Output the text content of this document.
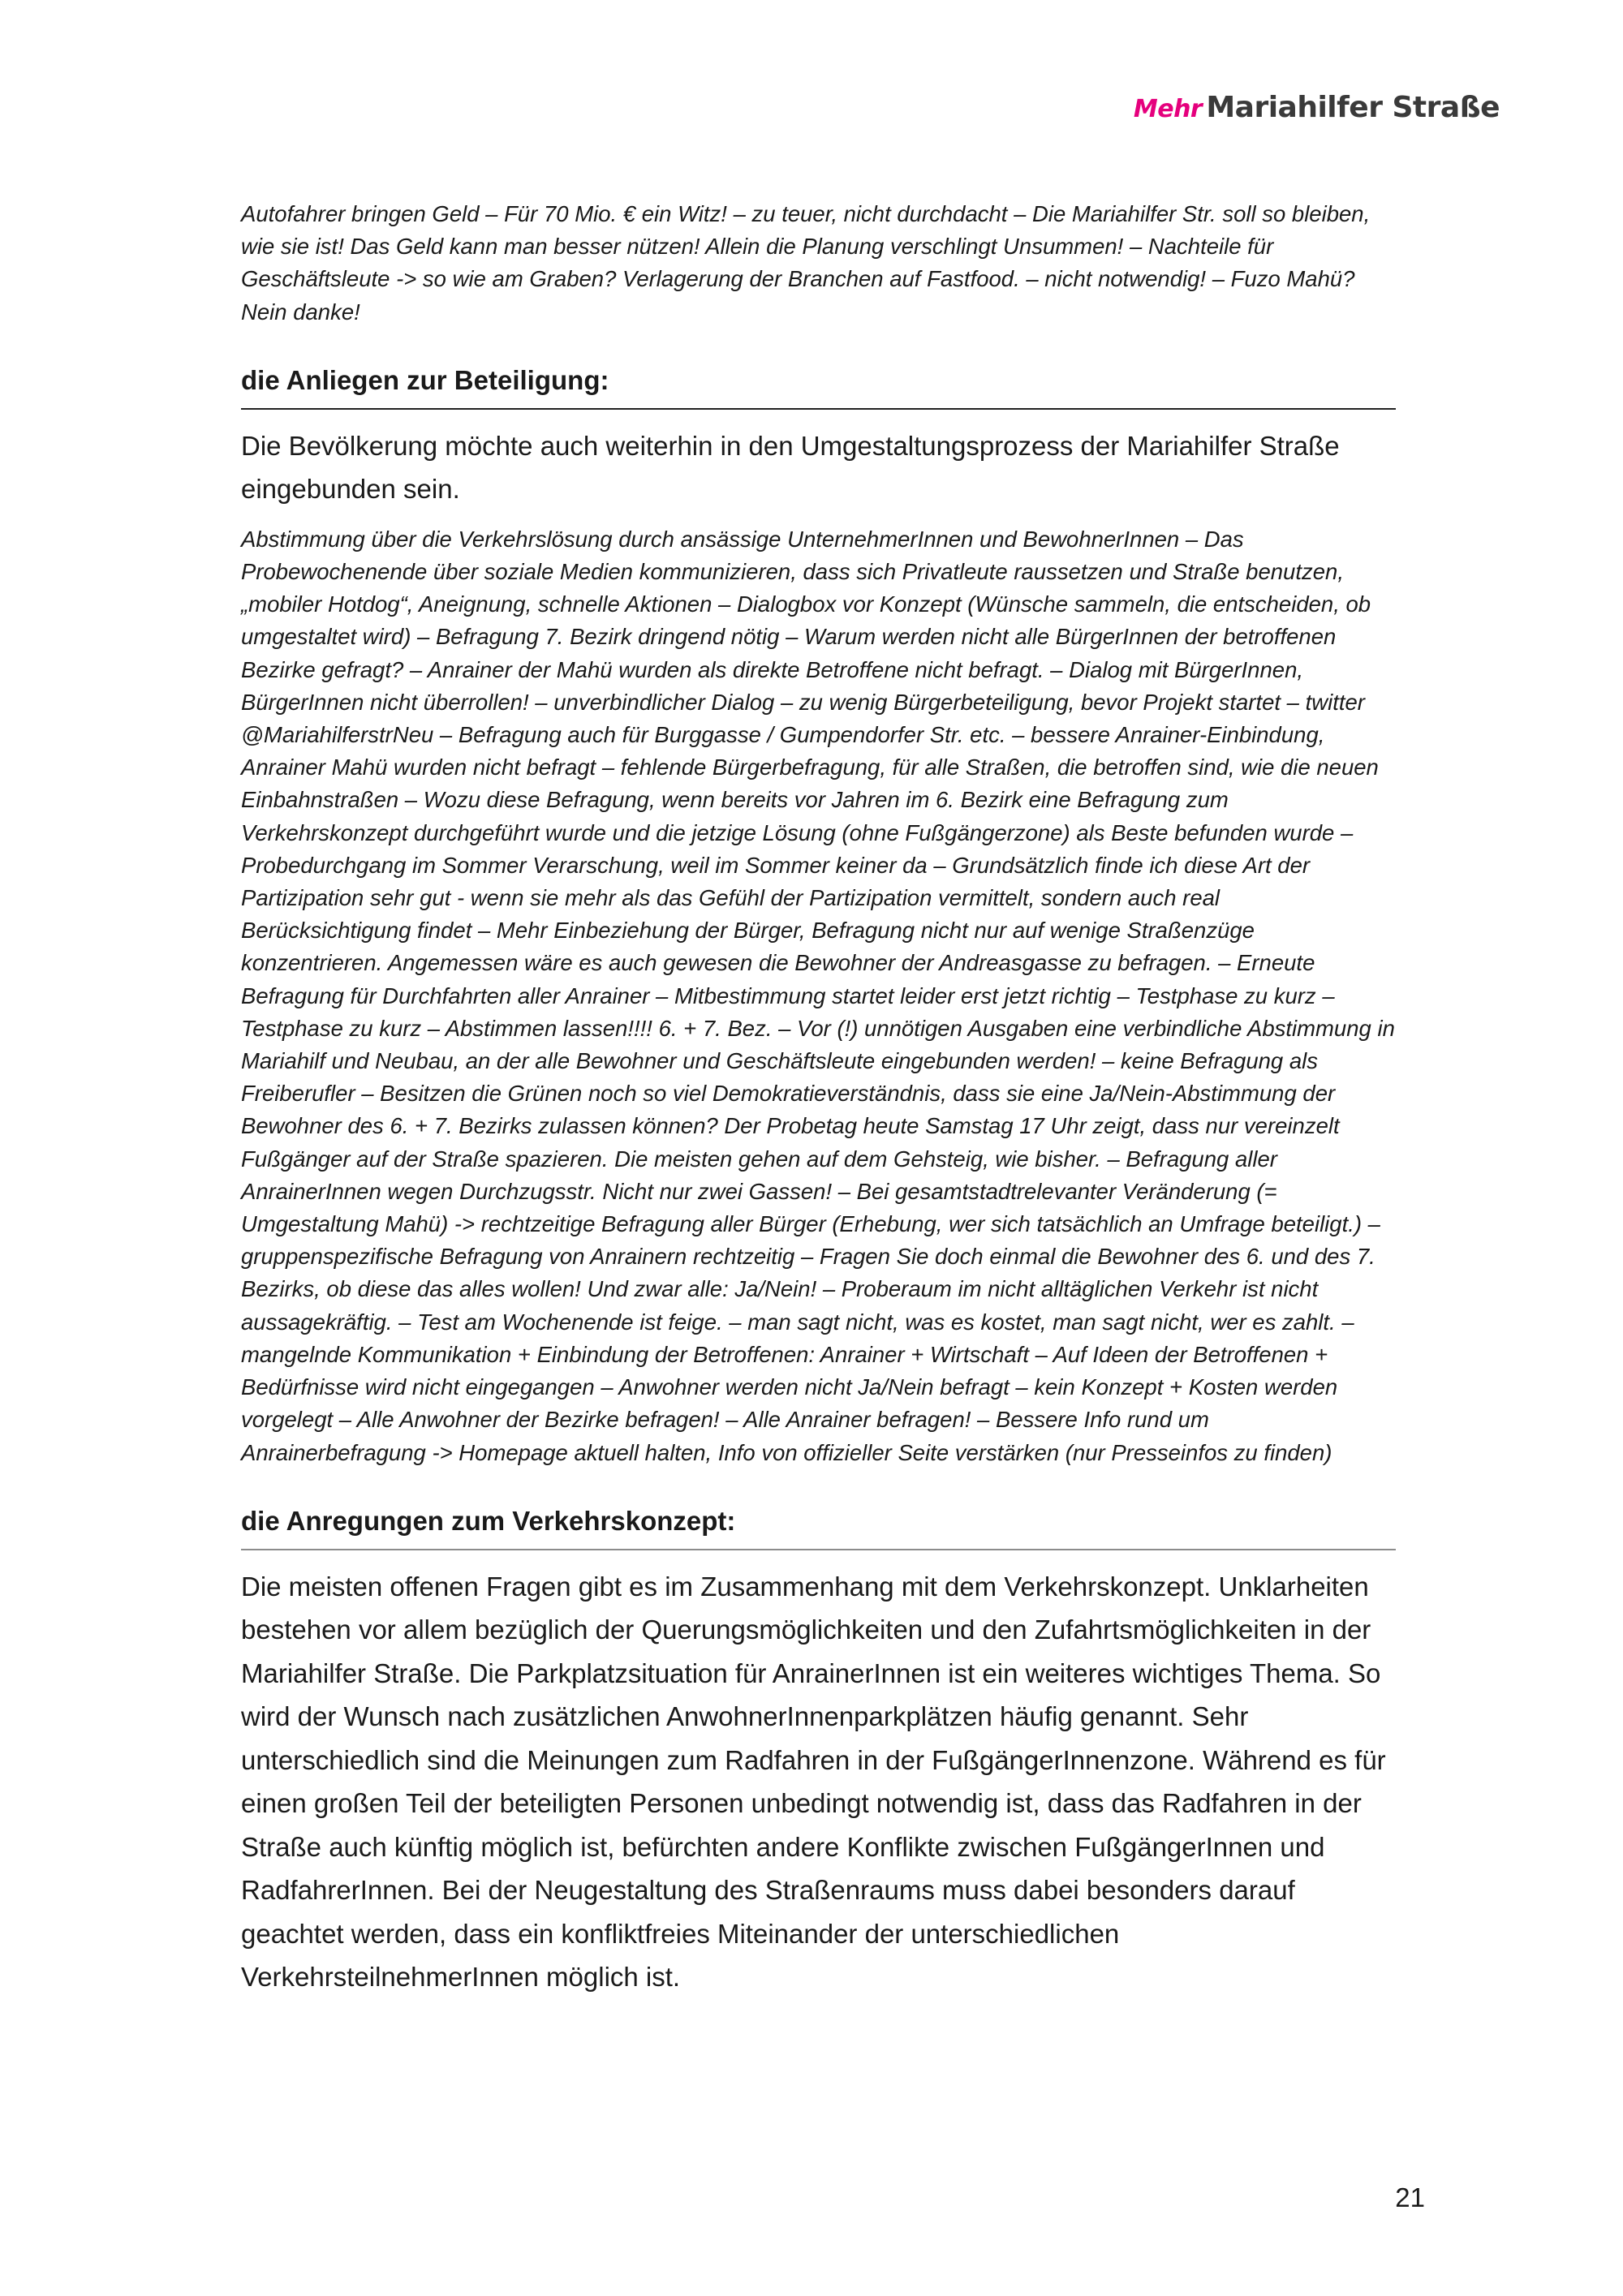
Mehr Mariahilfer Straße

Autofahrer bringen Geld – Für 70 Mio. € ein Witz! – zu teuer, nicht durchdacht – Die Mariahilfer Str. soll so bleiben, wie sie ist! Das Geld kann man besser nützen! Allein die Planung verschlingt Unsummen! – Nachteile für Geschäftsleute -> so wie am Graben? Verlagerung der Branchen auf Fastfood. – nicht notwendig! – Fuzo Mahü? Nein danke!

die Anliegen zur Beteiligung:

Die Bevölkerung möchte auch weiterhin in den Umgestaltungsprozess der Mariahilfer Straße eingebunden sein.

Abstimmung über die Verkehrslösung durch ansässige UnternehmerInnen und BewohnerInnen – Das Probewochenende über soziale Medien kommunizieren, dass sich Privatleute raussetzen und Straße benutzen, „mobiler Hotdog“, Aneignung, schnelle Aktionen – Dialogbox vor Konzept (Wünsche sammeln, die entscheiden, ob umgestaltet wird) – Befragung 7. Bezirk dringend nötig – Warum werden nicht alle BürgerInnen der betroffenen Bezirke gefragt? – Anrainer der Mahü wurden als direkte Betroffene nicht befragt. – Dialog mit BürgerInnen, BürgerInnen nicht überrollen! – unverbindlicher Dialog – zu wenig Bürgerbeteiligung, bevor Projekt startet – twitter @MariahilferstrNeu – Befragung auch für Burggasse / Gumpendorfer Str. etc. – bessere Anrainer-Einbindung, Anrainer Mahü wurden nicht befragt – fehlende Bürgerbefragung, für alle Straßen, die betroffen sind, wie die neuen Einbahnstraßen – Wozu diese Befragung, wenn bereits vor Jahren im 6. Bezirk eine Befragung zum Verkehrskonzept durchgeführt wurde und die jetzige Lösung (ohne Fußgängerzone) als Beste befunden wurde – Probedurchgang im Sommer Verarschung, weil im Sommer keiner da – Grundsätzlich finde ich diese Art der Partizipation sehr gut - wenn sie mehr als das Gefühl der Partizipation vermittelt, sondern auch real Berücksichtigung findet – Mehr Einbeziehung der Bürger, Befragung nicht nur auf wenige Straßenzüge konzentrieren. Angemessen wäre es auch gewesen die Bewohner der Andreasgasse zu befragen. – Erneute Befragung für Durchfahrten aller Anrainer – Mitbestimmung startet leider erst jetzt richtig – Testphase zu kurz – Testphase zu kurz – Abstimmen lassen!!!! 6. + 7. Bez. – Vor (!) unnötigen Ausgaben eine verbindliche Abstimmung in Mariahilf und Neubau, an der alle Bewohner und Geschäftsleute eingebunden werden! – keine Befragung als Freiberufler – Besitzen die Grünen noch so viel Demokratieverständnis, dass sie eine Ja/Nein-Abstimmung der Bewohner des 6. + 7. Bezirks zulassen können? Der Probetag heute Samstag 17 Uhr zeigt, dass nur vereinzelt Fußgänger auf der Straße spazieren. Die meisten gehen auf dem Gehsteig, wie bisher. – Befragung aller AnrainerInnen wegen Durchzugsstr. Nicht nur zwei Gassen! – Bei gesamtstadtrelevanter Veränderung (= Umgestaltung Mahü) -> rechtzeitige Befragung aller Bürger (Erhebung, wer sich tatsächlich an Umfrage beteiligt.) – gruppenspezifische Befragung von Anrainern rechtzeitig – Fragen Sie doch einmal die Bewohner des 6. und des 7. Bezirks, ob diese das alles wollen! Und zwar alle: Ja/Nein! – Proberaum im nicht alltäglichen Verkehr ist nicht aussagekräftig. – Test am Wochenende ist feige. – man sagt nicht, was es kostet, man sagt nicht, wer es zahlt. – mangelnde Kommunikation + Einbindung der Betroffenen: Anrainer + Wirtschaft – Auf Ideen der Betroffenen + Bedürfnisse wird nicht eingegangen – Anwohner werden nicht Ja/Nein befragt – kein Konzept + Kosten werden vorgelegt – Alle Anwohner der Bezirke befragen! – Alle Anrainer befragen! – Bessere Info rund um Anrainerbefragung -> Homepage aktuell halten, Info von offizieller Seite verstärken (nur Presseinfos zu finden)

die Anregungen zum Verkehrskonzept:

Die meisten offenen Fragen gibt es im Zusammenhang mit dem Verkehrskonzept. Unklarheiten bestehen vor allem bezüglich der Querungsmöglichkeiten und den Zufahrtsmöglichkeiten in der Mariahilfer Straße. Die Parkplatzsituation für AnrainerInnen ist ein weiteres wichtiges Thema. So wird der Wunsch nach zusätzlichen AnwohnerInnenparkplätzen häufig genannt. Sehr unterschiedlich sind die Meinungen zum Radfahren in der FußgängerInnenzone. Während es für einen großen Teil der beteiligten Personen unbedingt notwendig ist, dass das Radfahren in der Straße auch künftig möglich ist, befürchten andere Konflikte zwischen FußgängerInnen und RadfahrerInnen. Bei der Neugestaltung des Straßenraums muss dabei besonders darauf geachtet werden, dass ein konfliktfreies Miteinander der unterschiedlichen VerkehrsteilnehmerInnen möglich ist.

21
